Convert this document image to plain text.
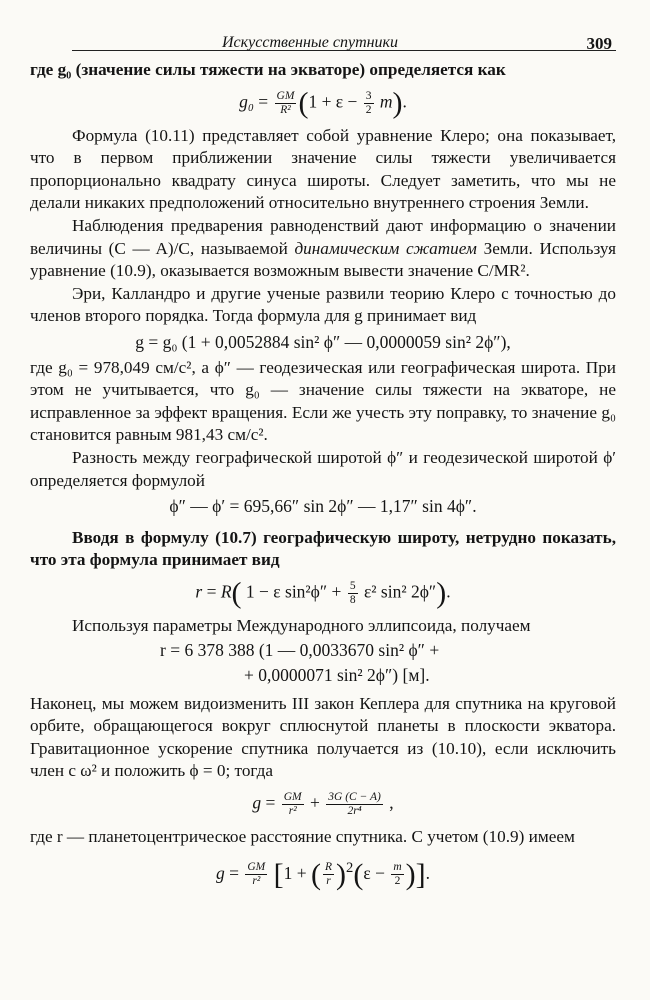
Искусственные спутники	309

где g₀ (значение силы тяжести на экваторе) определяется как

$g_0 = \frac{GM}{\text{R²}} (1 + \varepsilon - \frac{3}{2} m)$.

Формула (10.11) представляет собой уравнение Клеро; она показывает, что в первом приближении значение силы тяжести увеличивается пропорционально квадрату синуса широты. Следует заметить, что мы не делали никаких предположений относительно внутреннего строения Земли.

Наблюдения предварения равноденствий дают информацию о значении величины (C — A)/C, называемой динамическим сжатием Земли. Используя уравнение (10.9), оказывается возможным вывести значение C/MR².

Эри, Калландро и другие ученые развили теорию Клеро с точностью до членов второго порядка. Тогда формула для g принимает вид

g = g₀ (1 + 0,0052884 sin² ϕ″ — 0,0000059 sin² 2ϕ″),

где g₀ = 978,049 см/с², а ϕ″ — геодезическая или географическая широта. При этом не учитывается, что g₀ — значение силы тяжести на экваторе, не исправленное за эффект вращения. Если же учесть эту поправку, то значение g₀ становится равным 981,43 см/с².

Разность между географической широтой ϕ″ и геодезической широтой ϕ′ определяется формулой

ϕ″ — ϕ′ = 695,66″ sin 2ϕ″ — 1,17″ sin 4ϕ″.

Вводя в формулу (10.7) географическую широту, нетрудно показать, что эта формула принимает вид

r = R( 1 − ε $\sin^2\phi'' + \frac{5}{8} \varepsilon^2$ sin² 2ϕ″).

Используя параметры Международного эллипсоида, получаем

r = 6 378 388 (1 — 0,0033670 sin² ϕ″ +
+ 0,0000071 sin² 2ϕ″) [м].

Наконец, мы можем видоизменить III закон Кеплера для спутника на круговой орбите, обращающегося вокруг сплюснутой планеты в плоскости экватора. Гравитационное ускорение спутника получается из (10.10), если исключить член с ω² и положить ϕ = 0; тогда

$g = \frac{GM}{\text{r²}} + \frac{3G (C - A)}{\text{2r⁴}}$ ,

где r — планетоцентрическое расстояние спутника. С учетом (10.9) имеем

$g = \frac{GM}{\text{r²}} [1$ + ( $\frac{R}{r} )^2(\varepsilon - \frac{m}{2}$ )].
